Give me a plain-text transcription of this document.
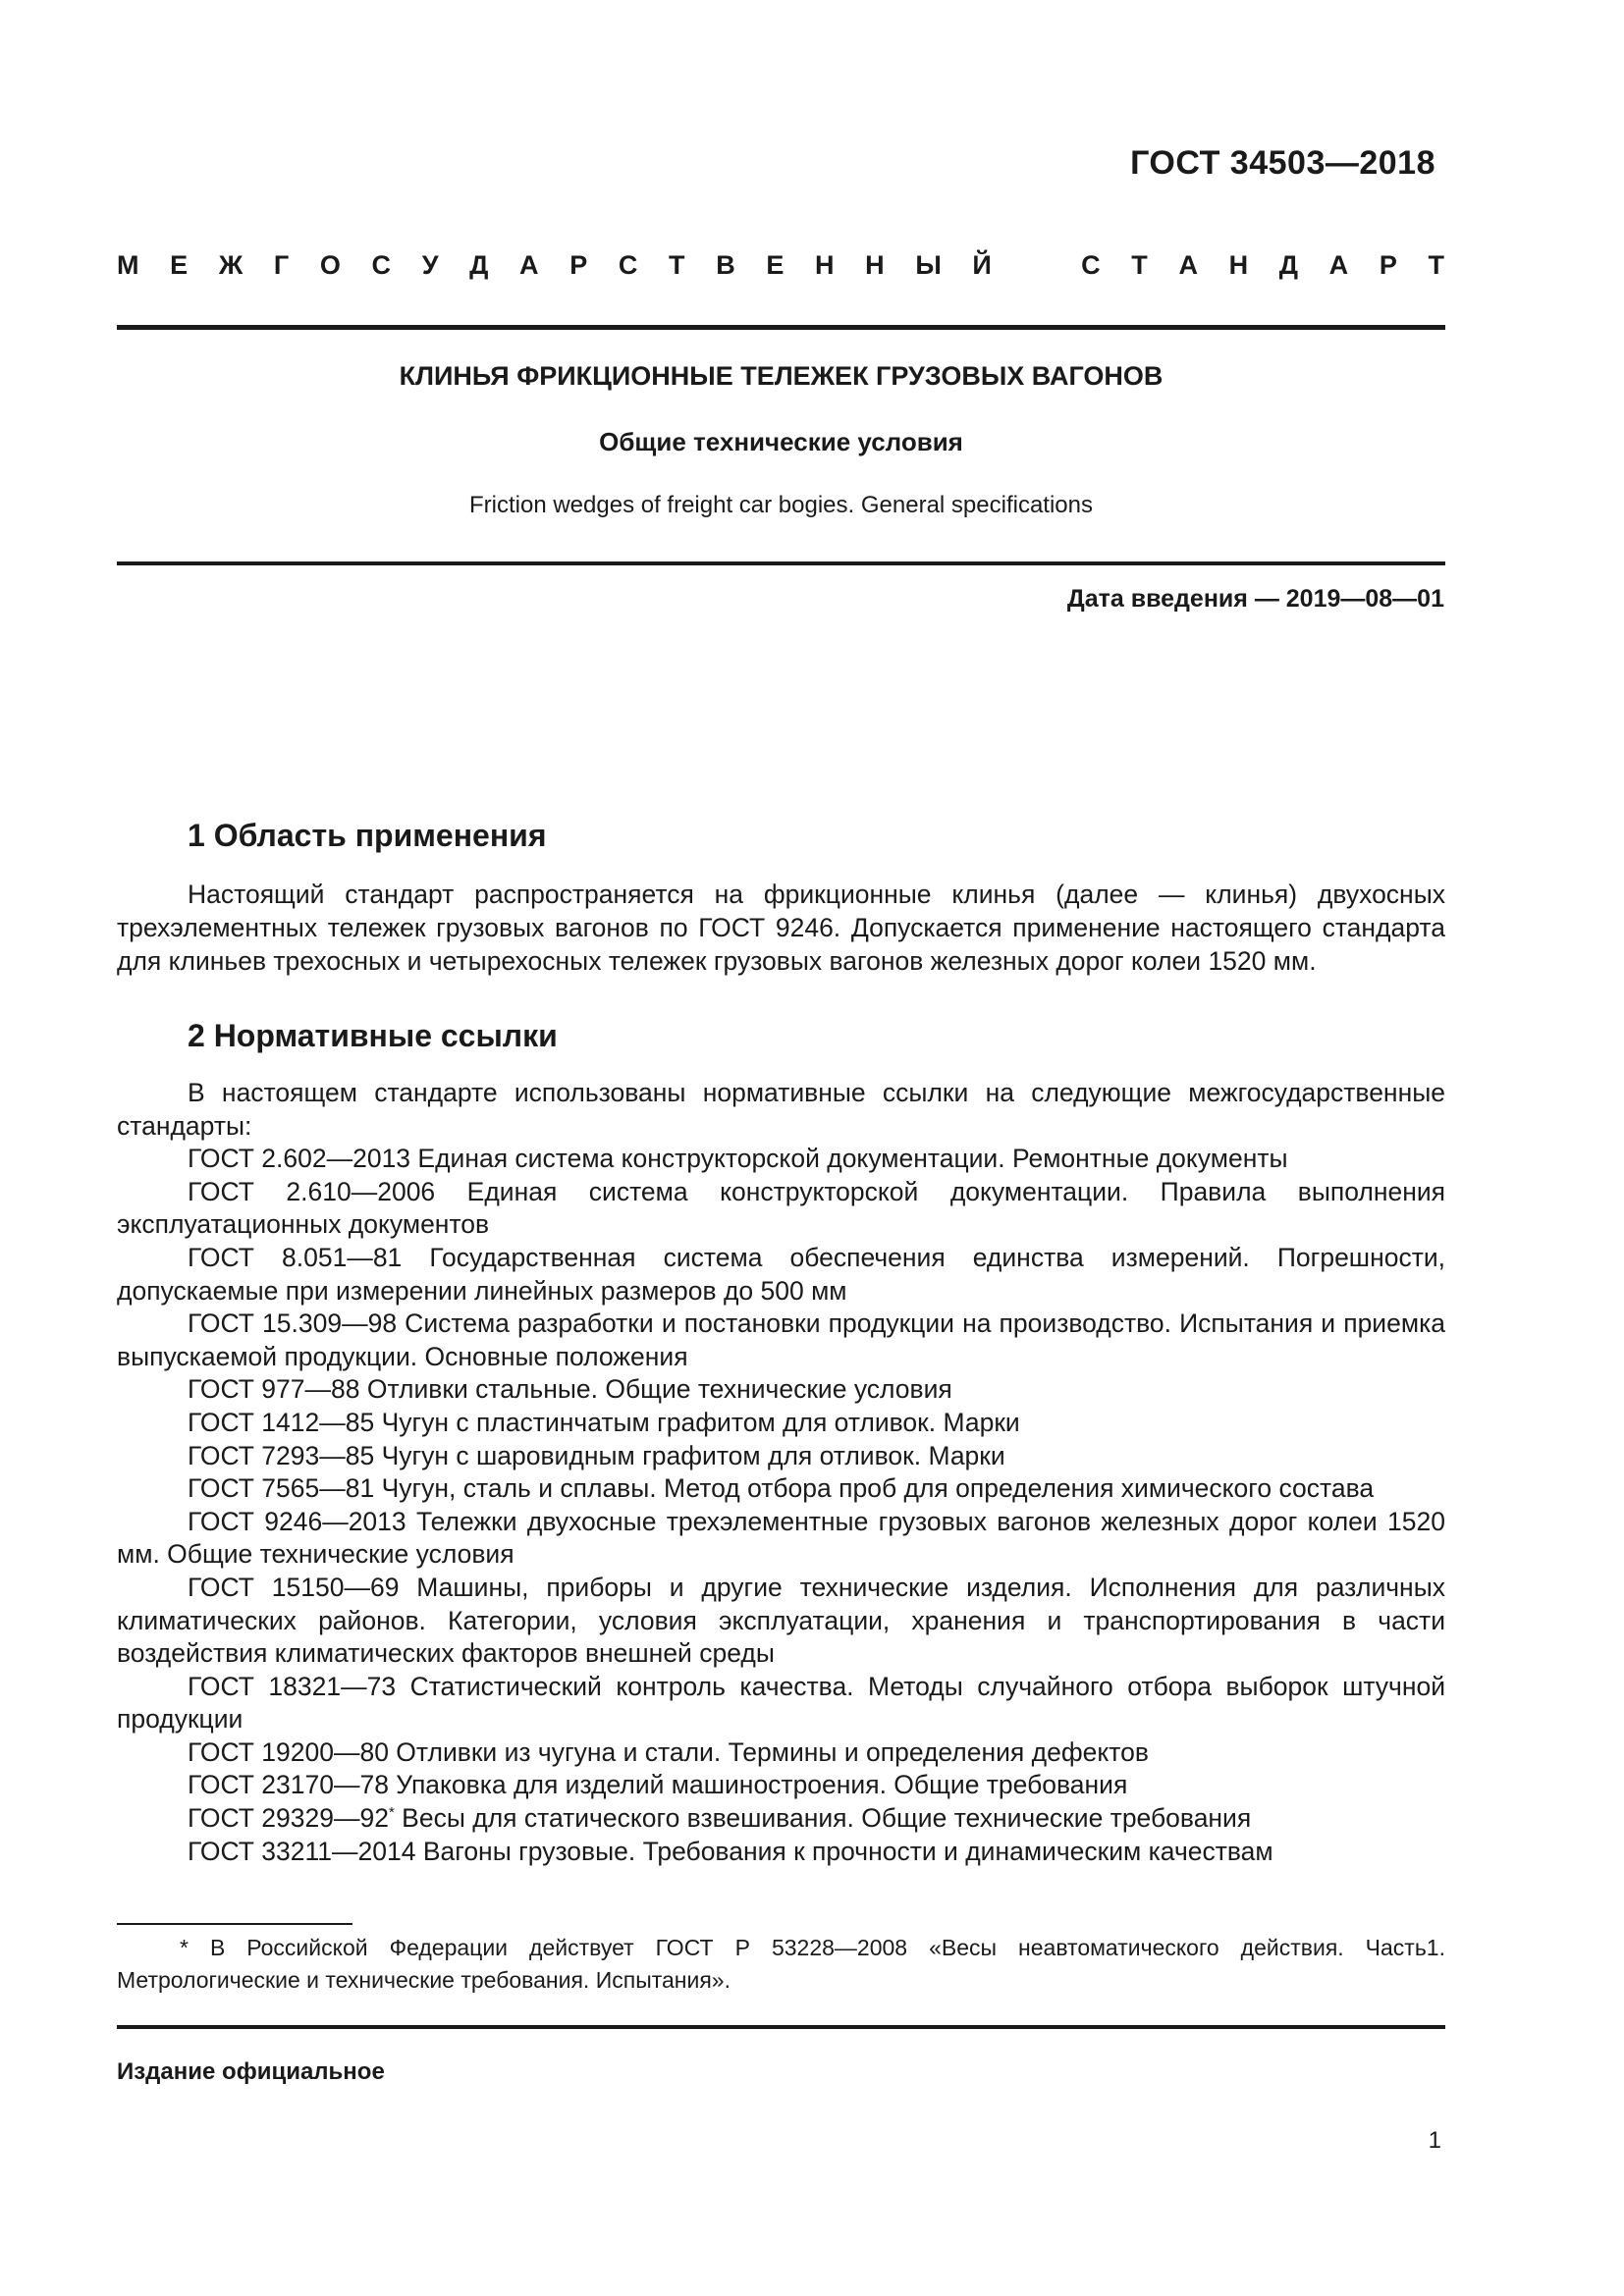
ГОСТ 34503—2018
М Е Ж Г О С У Д А Р С Т В Е Н Н Ы Й	С Т А Н Д А Р Т
КЛИНЬЯ ФРИКЦИОННЫЕ ТЕЛЕЖЕК ГРУЗОВЫХ ВАГОНОВ
Общие технические условия
Friction wedges of freight car bogies. General specifications
Дата введения — 2019—08—01
1 Область применения

Настоящий стандарт распространяется на фрикционные клинья (далее — клинья) двухосных трехэлементных тележек грузовых вагонов по ГОСТ 9246. Допускается применение настоящего стандарта для клиньев трехосных и четырехосных тележек грузовых вагонов железных дорог колеи 1520 мм.

2 Нормативные ссылки

В настоящем стандарте использованы нормативные ссылки на следующие межгосударственные стандарты:

ГОСТ 2.602—2013 Единая система конструкторской документации. Ремонтные документы

ГОСТ 2.610—2006 Единая система конструкторской документации. Правила выполнения эксплуатационных документов

ГОСТ 8.051—81 Государственная система обеспечения единства измерений. Погрешности, допускаемые при измерении линейных размеров до 500 мм

ГОСТ 15.309—98 Система разработки и постановки продукции на производство. Испытания и приемка выпускаемой продукции. Основные положения

ГОСТ 977—88 Отливки стальные. Общие технические условия

ГОСТ 1412—85 Чугун с пластинчатым графитом для отливок. Марки

ГОСТ 7293—85 Чугун с шаровидным графитом для отливок. Марки

ГОСТ 7565—81 Чугун, сталь и сплавы. Метод отбора проб для определения химического состава

ГОСТ 9246—2013 Тележки двухосные трехэлементные грузовых вагонов железных дорог колеи 1520 мм. Общие технические условия

ГОСТ 15150—69 Машины, приборы и другие технические изделия. Исполнения для различных климатических районов. Категории, условия эксплуатации, хранения и транспортирования в части воздействия климатических факторов внешней среды

ГОСТ 18321—73 Статистический контроль качества. Методы случайного отбора выборок штучной продукции

ГОСТ 19200—80 Отливки из чугуна и стали. Термины и определения дефектов

ГОСТ 23170—78 Упаковка для изделий машиностроения. Общие требования

ГОСТ 29329—92* Весы для статического взвешивания. Общие технические требования

ГОСТ 33211—2014 Вагоны грузовые. Требования к прочности и динамическим качествам

* В Российской Федерации действует ГОСТ Р 53228—2008 «Весы неавтоматического действия. Часть1. Метрологические и технические требования. Испытания».

Издание официальное
1
